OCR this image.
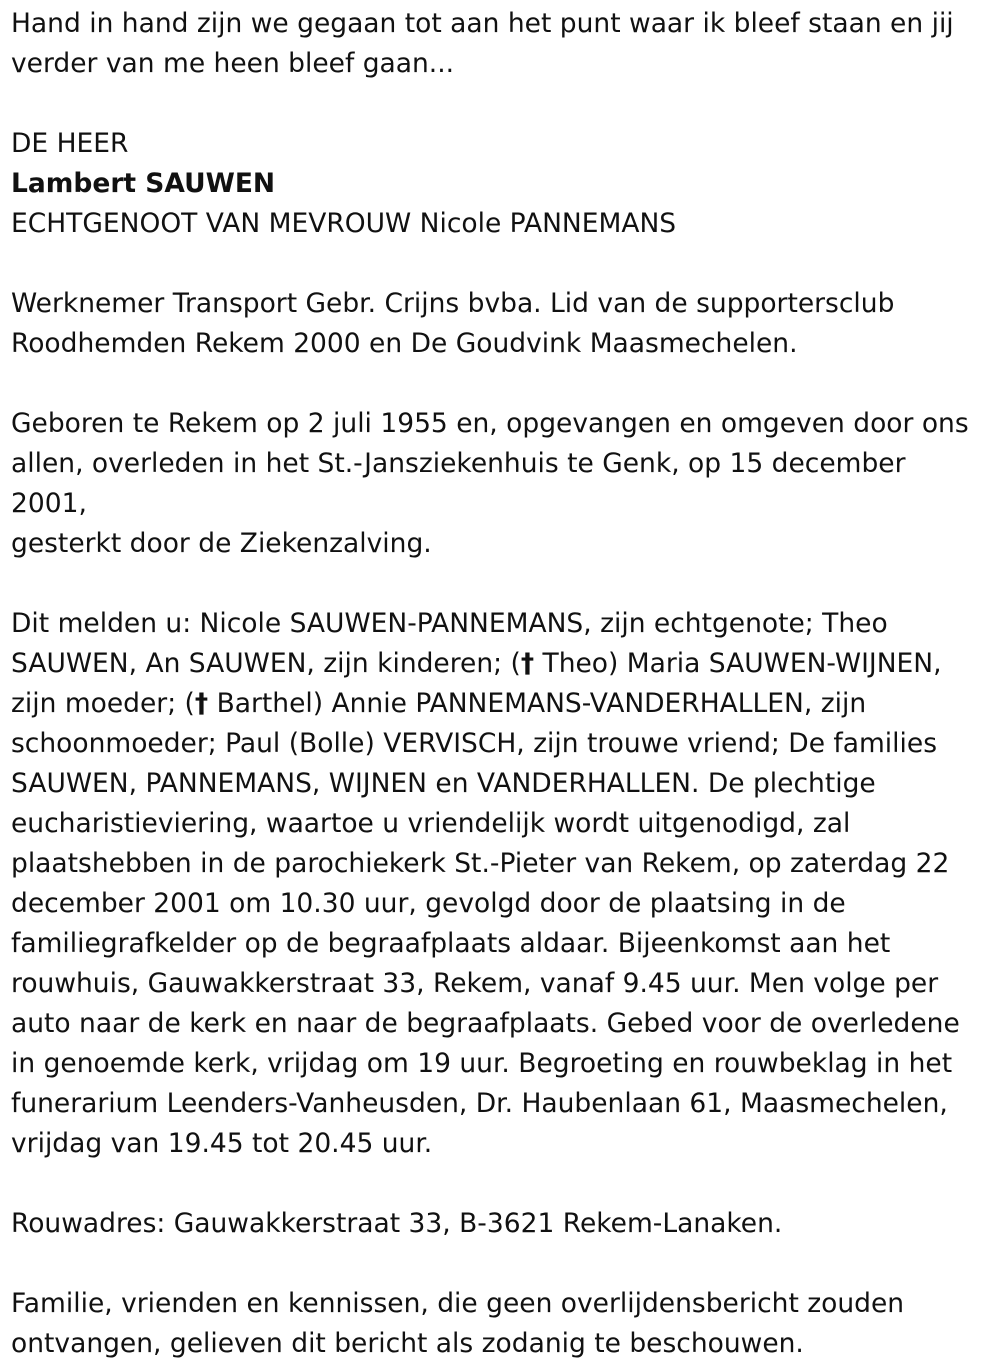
Hand in hand zijn we gegaan tot aan het punt waar ik bleef staan en jij
verder van me heen bleef gaan...

DE HEER

Lambert SAUWEN

ECHTGENOOT VAN MEVROUW Nicole PANNEMANS

Werknemer Transport Gebr. Crijns bvba. Lid van de supportersclub
Roodhemden Rekem 2000 en De Goudvink Maasmechelen.

Geboren te Rekem op 2 juli 1955 en, opgevangen en omgeven door ons
allen, overleden in het St.-Jansziekenhuis te Genk, op 15 december 2001,
gesterkt door de Ziekenzalving.

Dit melden u: Nicole SAUWEN-PANNEMANS, zijn echtgenote; Theo
SAUWEN, An SAUWEN, zijn kinderen; († Theo) Maria SAUWEN-WIJNEN,
zijn moeder; († Barthel) Annie PANNEMANS-VANDERHALLEN, zijn
schoonmoeder; Paul (Bolle) VERVISCH, zijn trouwe vriend; De families
SAUWEN, PANNEMANS, WIJNEN en VANDERHALLEN. De plechtige
eucharistieviering, waartoe u vriendelijk wordt uitgenodigd, zal
plaatshebben in de parochiekerk St.-Pieter van Rekem, op zaterdag 22
december 2001 om 10.30 uur, gevolgd door de plaatsing in de
familiegrafkelder op de begraafplaats aldaar. Bijeenkomst aan het
rouwhuis, Gauwakkerstraat 33, Rekem, vanaf 9.45 uur. Men volge per
auto naar de kerk en naar de begraafplaats. Gebed voor de overledene
in genoemde kerk, vrijdag om 19 uur. Begroeting en rouwbeklag in het
funerarium Leenders-Vanheusden, Dr. Haubenlaan 61, Maasmechelen,
vrijdag van 19.45 tot 20.45 uur.

Rouwadres: Gauwakkerstraat 33, B-3621 Rekem-Lanaken.

Familie, vrienden en kennissen, die geen overlijdensbericht zouden
ontvangen, gelieven dit bericht als zodanig te beschouwen.
